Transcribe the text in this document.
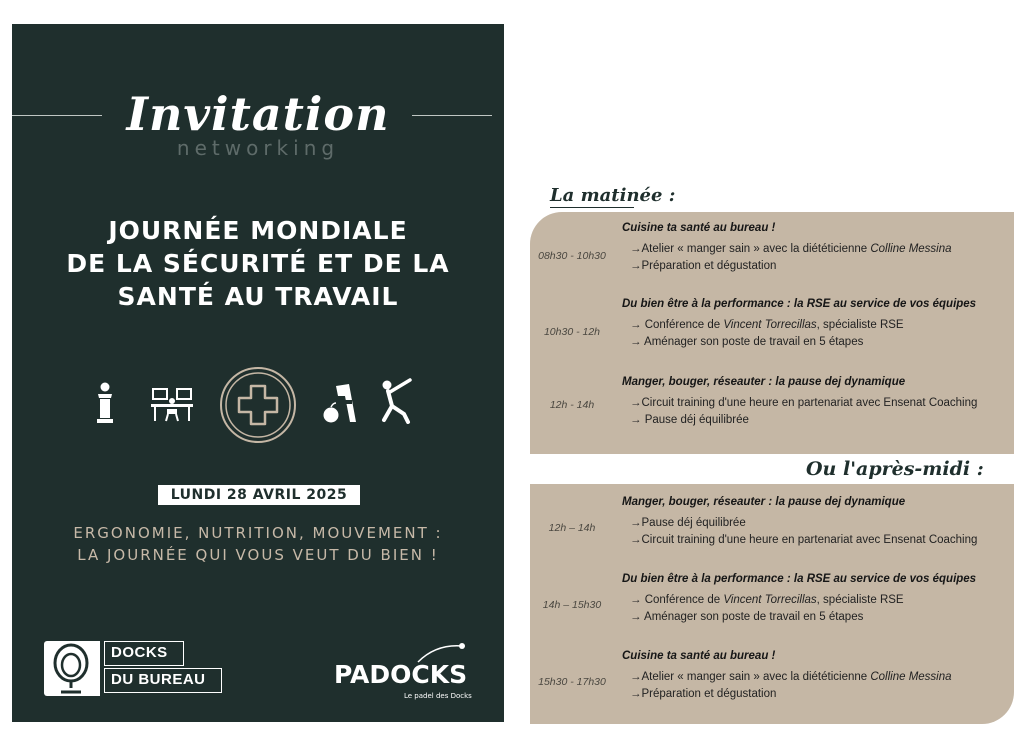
Invitation
networking
JOURNÉE MONDIALE
DE LA SÉCURITÉ ET DE LA
SANTÉ AU TRAVAIL
LUNDI 28 AVRIL 2025
ERGONOMIE, NUTRITION, MOUVEMENT :
LA JOURNÉE QUI VOUS VEUT DU BIEN !
DOCKS
DU BUREAU	PADOCKS
Le padel des Docks
La matinée :
Cuisine ta santé au bureau !
08h30 - 10h30
→Atelier « manger sain » avec la diététicienne Colline Messina
→Préparation et dégustation
Du bien être à la performance : la RSE au service de vos équipes
10h30 - 12h
→ Conférence de Vincent Torrecillas, spécialiste RSE
→ Aménager son poste de travail en 5 étapes
Manger, bouger, réseauter : la pause dej dynamique
12h - 14h	→Circuit training d'une heure en partenariat avec Ensenat Coaching
→ Pause déj équilibrée
Ou l'après-midi :
Manger, bouger, réseauter : la pause dej dynamique
12h – 14h	→Pause déj équilibrée
→Circuit training d'une heure en partenariat avec Ensenat Coaching
Du bien être à la performance : la RSE au service de vos équipes
14h – 15h30	→ Conférence de Vincent Torrecillas, spécialiste RSE
→ Aménager son poste de travail en 5 étapes
Cuisine ta santé au bureau !
15h30 - 17h30	→Atelier « manger sain » avec la diététicienne Colline Messina
→Préparation et dégustation
